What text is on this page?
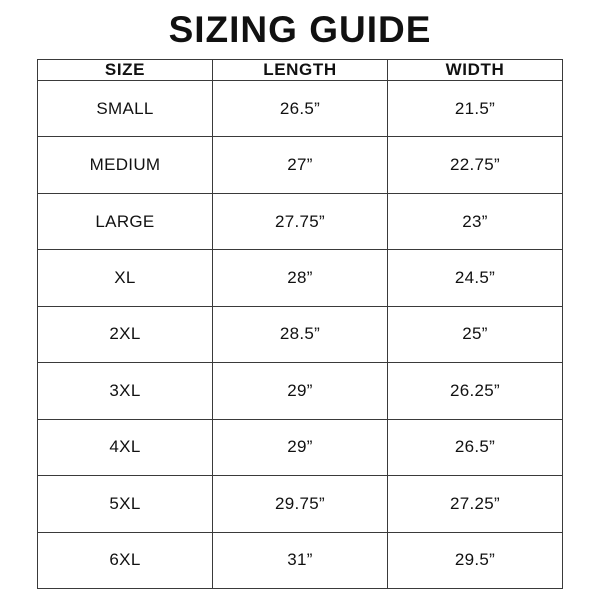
SIZING GUIDE
SIZE	LENGTH	WIDTH
SMALL	26.5”	21.5”
MEDIUM	27”	22.75”
LARGE	27.75”	23”
XL	28”	24.5”
2XL	28.5”	25”
3XL	29”	26.25”
4XL	29”	26.5”
5XL	29.75”	27.25”
6XL	31”	29.5”
